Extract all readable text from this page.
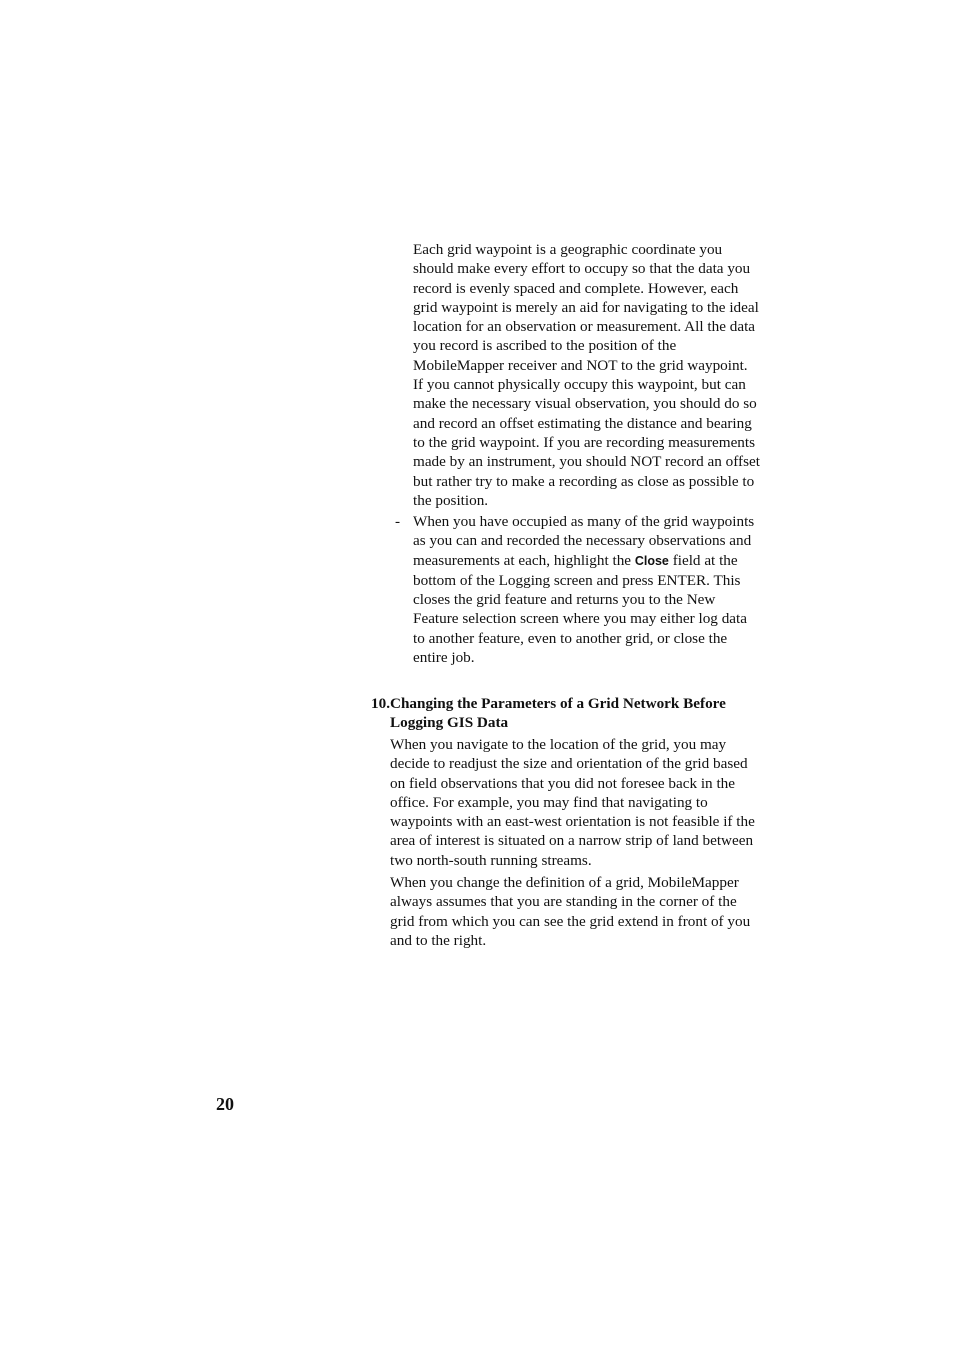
Each grid waypoint is a geographic coordinate you should make every effort to occupy so that the data you record is evenly spaced and complete. However, each grid waypoint is merely an aid for navigating to the ideal location for an observation or measurement. All the data you record is ascribed to the position of the MobileMapper receiver and NOT to the grid waypoint. If you cannot physically occupy this waypoint, but can make the necessary visual observation, you should do so and record an offset estimating the distance and bearing to the grid waypoint. If you are recording measurements made by an instrument, you should NOT record an offset but rather try to make a recording as close as possible to the position.

- When you have occupied as many of the grid waypoints as you can and recorded the necessary observations and measurements at each, highlight the Close field at the bottom of the Logging screen and press ENTER. This closes the grid feature and returns you to the New Feature selection screen where you may either log data to another feature, even to another grid, or close the entire job.

10.Changing the Parameters of a Grid Network Before
Logging GIS Data

When you navigate to the location of the grid, you may decide to readjust the size and orientation of the grid based on field observations that you did not foresee back in the office. For example, you may find that navigating to waypoints with an east-west orientation is not feasible if the area of interest is situated on a narrow strip of land between two north-south running streams.

When you change the definition of a grid, MobileMapper always assumes that you are standing in the corner of the grid from which you can see the grid extend in front of you and to the right.

20
